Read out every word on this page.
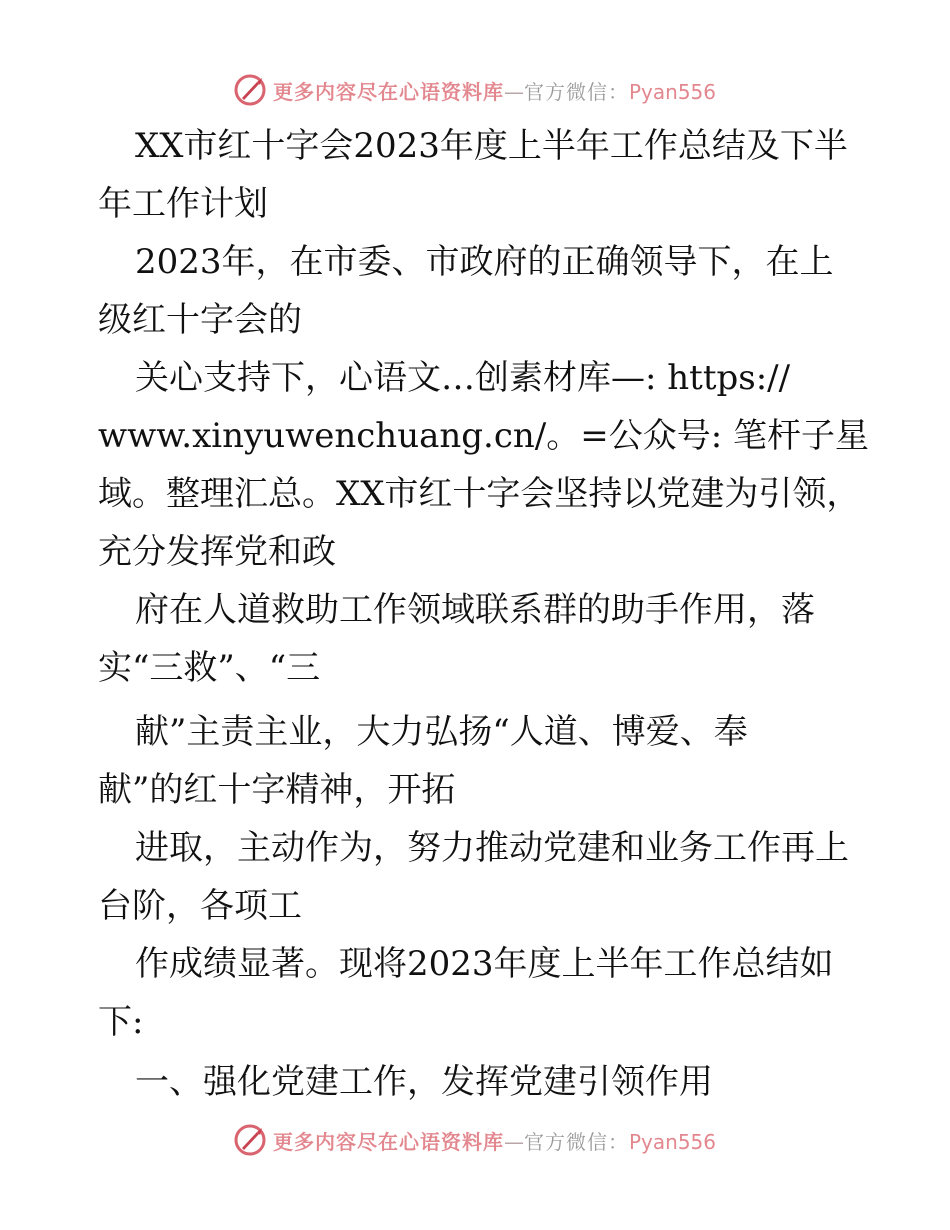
更多内容尽在心语资料库—官方微信：Pyan556
XX市红十字会2023年度上半年工作总结及下半
年工作计划
2023年，在市委、市政府的正确领导下，在上
级红十字会的
关心支持下，心语文…创素材库—: https://
www.xinyuwenchuang.cn/。=公众号: 笔杆子星
域。整理汇总。XX市红十字会坚持以党建为引领，
充分发挥党和政
府在人道救助工作领域联系群的助手作用，落
实“三救”、“三
献”主责主业，大力弘扬“人道、博爱、奉
献”的红十字精神，开拓
进取，主动作为，努力推动党建和业务工作再上
台阶，各项工
作成绩显著。现将2023年度上半年工作总结如
下:
一、强化党建工作，发挥党建引领作用
更多内容尽在心语资料库—官方微信：Pyan556
